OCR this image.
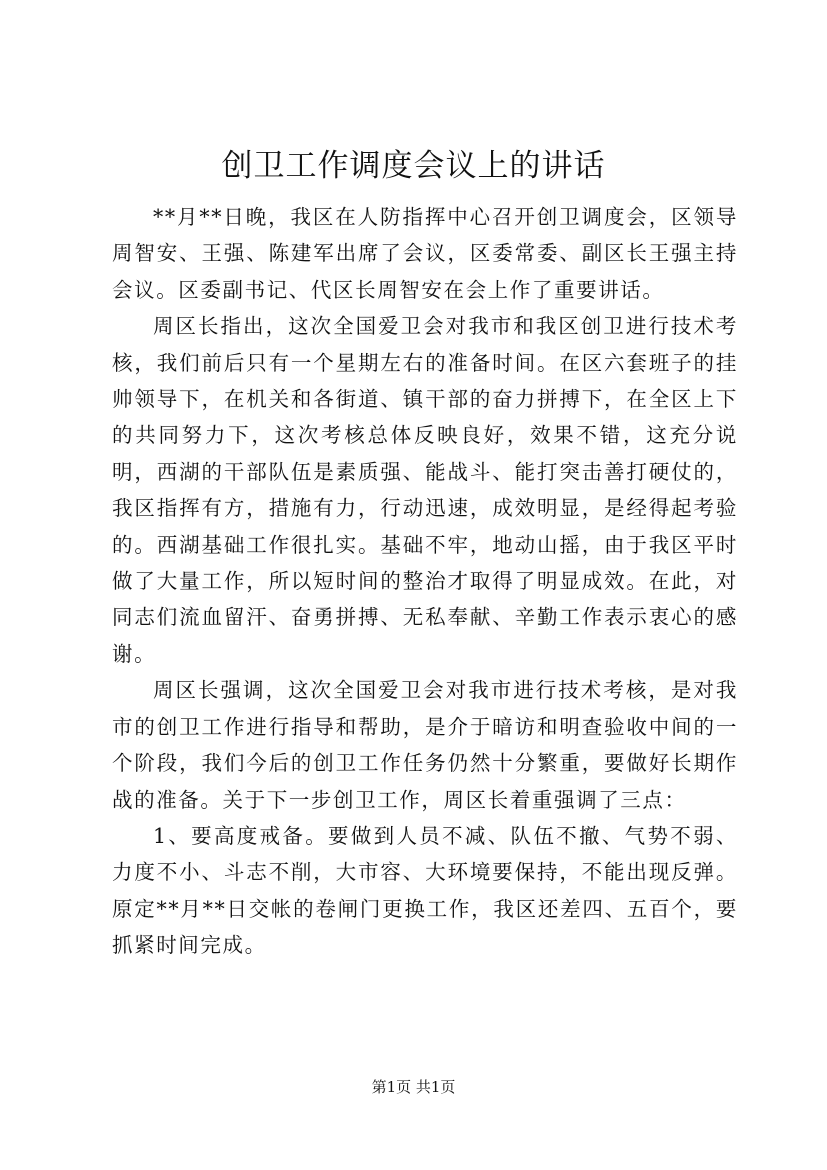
创卫工作调度会议上的讲话

**月**日晚，我区在人防指挥中心召开创卫调度会，区领导周智安、王强、陈建军出席了会议，区委常委、副区长王强主持会议。区委副书记、代区长周智安在会上作了重要讲话。

周区长指出，这次全国爱卫会对我市和我区创卫进行技术考核，我们前后只有一个星期左右的准备时间。在区六套班子的挂帅领导下，在机关和各街道、镇干部的奋力拼搏下，在全区上下的共同努力下，这次考核总体反映良好，效果不错，这充分说明，西湖的干部队伍是素质强、能战斗、能打突击善打硬仗的，我区指挥有方，措施有力，行动迅速，成效明显，是经得起考验的。西湖基础工作很扎实。基础不牢，地动山摇，由于我区平时做了大量工作，所以短时间的整治才取得了明显成效。在此，对同志们流血留汗、奋勇拼搏、无私奉献、辛勤工作表示衷心的感谢。

周区长强调，这次全国爱卫会对我市进行技术考核，是对我市的创卫工作进行指导和帮助，是介于暗访和明查验收中间的一个阶段，我们今后的创卫工作任务仍然十分繁重，要做好长期作战的准备。关于下一步创卫工作，周区长着重强调了三点：

1、要高度戒备。要做到人员不减、队伍不撤、气势不弱、力度不小、斗志不削，大市容、大环境要保持，不能出现反弹。原定**月**日交帐的卷闸门更换工作，我区还差四、五百个，要抓紧时间完成。

第1页 共1页
